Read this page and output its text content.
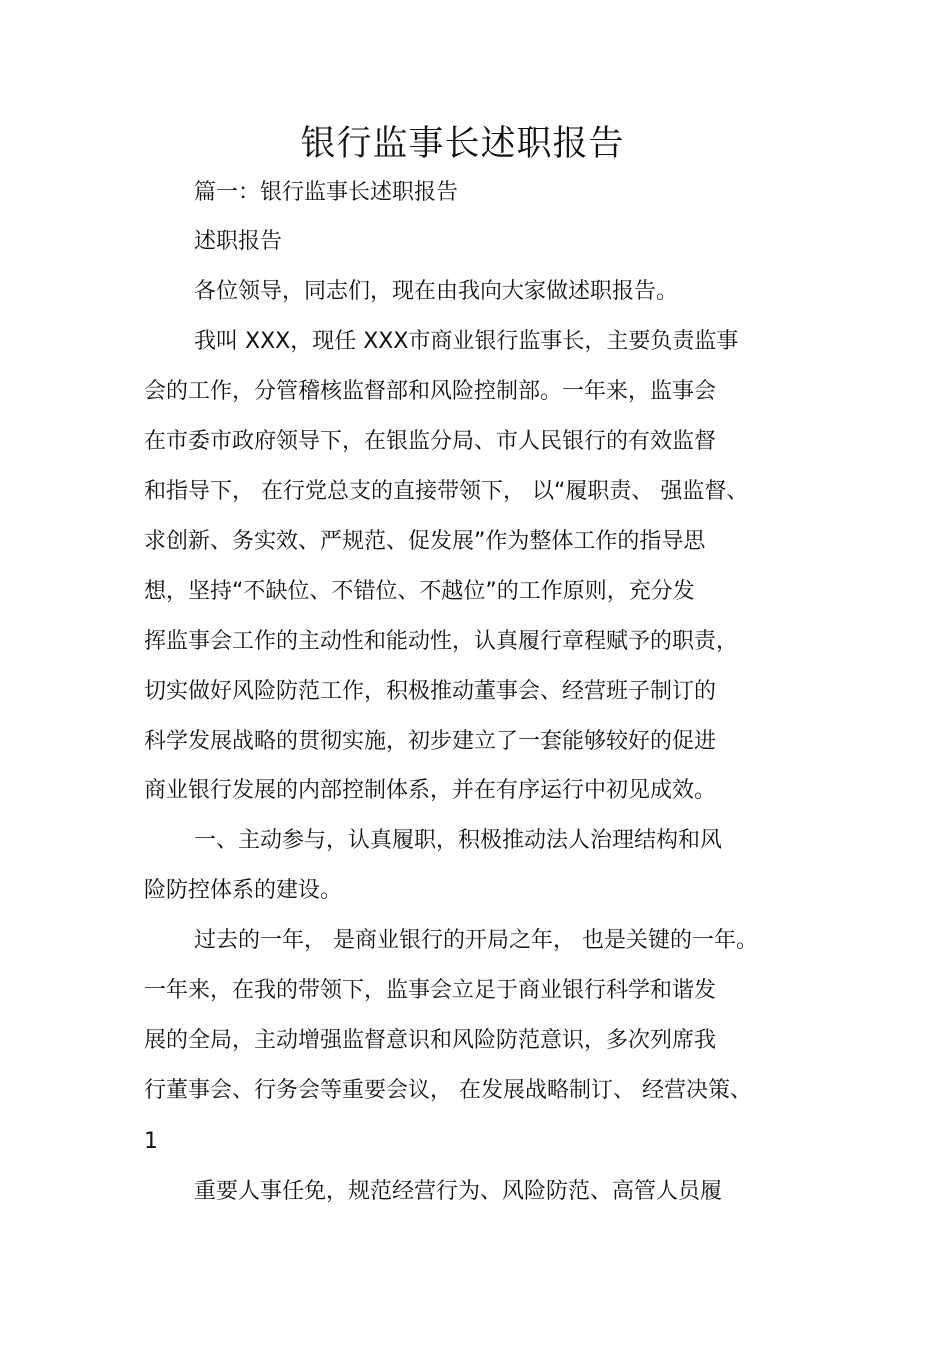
银行监事长述职报告

篇一：银行监事长述职报告

述职报告

各位领导，同志们，现在由我向大家做述职报告。

我叫 XXX，现任 XXX市商业银行监事长，主要负责监事

会的工作，分管稽核监督部和风险控制部。一年来，监事会

在市委市政府领导下，在银监分局、市人民银行的有效监督

和指导下， 在行党总支的直接带领下， 以“履职责、 强监督、

求创新、务实效、严规范、促发展”作为整体工作的指导思

想，坚持“不缺位、不错位、不越位”的工作原则，充分发

挥监事会工作的主动性和能动性，认真履行章程赋予的职责，

切实做好风险防范工作，积极推动董事会、经营班子制订的

科学发展战略的贯彻实施，初步建立了一套能够较好的促进

商业银行发展的内部控制体系，并在有序运行中初见成效。

一、主动参与，认真履职，积极推动法人治理结构和风

险防控体系的建设。

过去的一年， 是商业银行的开局之年， 也是关键的一年。

一年来，在我的带领下，监事会立足于商业银行科学和谐发

展的全局，主动增强监督意识和风险防范意识，多次列席我

行董事会、行务会等重要会议， 在发展战略制订、 经营决策、

1

重要人事任免，规范经营行为、风险防范、高管人员履
